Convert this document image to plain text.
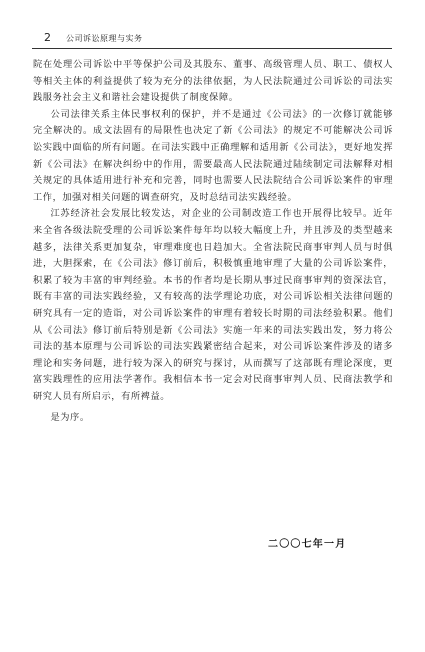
2 公司诉讼原理与实务

院在处理公司诉讼中平等保护公司及其股东、董事、高级管理人员、职工、债权人等相关主体的利益提供了较为充分的法律依据，为人民法院通过公司诉讼的司法实践服务社会主义和谐社会建设提供了制度保障。

公司法律关系主体民事权利的保护，并不是通过《公司法》的一次修订就能够完全解决的。成文法固有的局限性也决定了新《公司法》的规定不可能解决公司诉讼实践中面临的所有问题。在司法实践中正确理解和适用新《公司法》，更好地发挥新《公司法》在解决纠纷中的作用，需要最高人民法院通过陆续制定司法解释对相关规定的具体适用进行补充和完善，同时也需要人民法院结合公司诉讼案件的审理工作，加强对相关问题的调查研究，及时总结司法实践经验。

江苏经济社会发展比较发达，对企业的公司制改造工作也开展得比较早。近年来全省各级法院受理的公司诉讼案件每年均以较大幅度上升，并且涉及的类型越来越多，法律关系更加复杂，审理难度也日趋加大。全省法院民商事审判人员与时俱进，大胆探索，在《公司法》修订前后，积极慎重地审理了大量的公司诉讼案件，积累了较为丰富的审判经验。本书的作者均是长期从事过民商事审判的资深法官，既有丰富的司法实践经验，又有较高的法学理论功底，对公司诉讼相关法律问题的研究具有一定的造诣，对公司诉讼案件的审理有着较长时期的司法经验积累。他们从《公司法》修订前后特别是新《公司法》实施一年来的司法实践出发，努力将公司法的基本原理与公司诉讼的司法实践紧密结合起来，对公司诉讼案件涉及的诸多理论和实务问题，进行较为深入的研究与探讨，从而撰写了这部既有理论深度，更富实践理性的应用法学著作。我相信本书一定会对民商事审判人员、民商法教学和研究人员有所启示，有所裨益。

是为序。

二〇〇七年一月
